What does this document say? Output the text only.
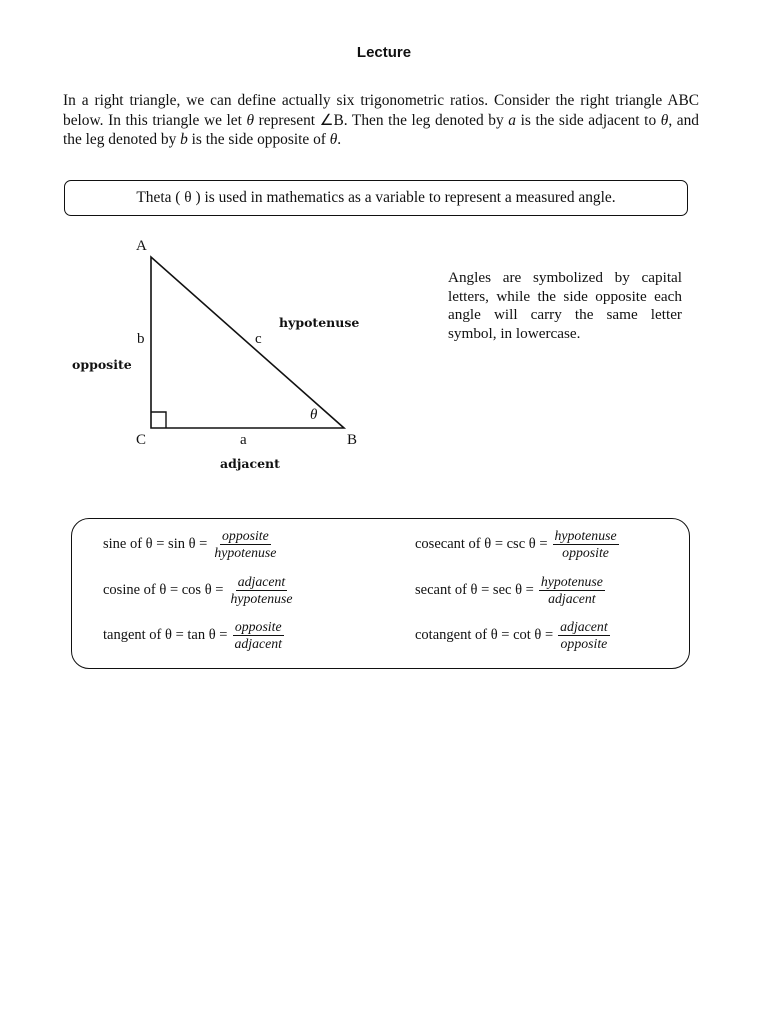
Lecture
In a right triangle, we can define actually six trigonometric ratios. Consider the right triangle ABC below. In this triangle we let θ represent ∠B. Then the leg denoted by a is the side adjacent to θ, and the leg denoted by b is the side opposite of θ.
Theta ( θ ) is used in mathematics as a variable to represent a measured angle.
A
C	B
b	c
a
θ
hypotenuse
opposite
adjacent
Angles are symbolized by capital letters, while the side opposite each angle will carry the same letter symbol, in lowercase.
sine of $\theta = \sin \theta = \frac{\text{opposite}}{\text{hypotenuse}}$
cosine of $\theta = \cos \theta = \frac{\text{adjacent}}{\text{hypotenuse}}$
tangent of $\theta = \tan \theta = \frac{\text{opposite}}{\text{adjacent}}$
cosecant of $\theta = \csc \theta = \frac{\text{hypotenuse}}{\text{opposite}}$
secant of $\theta = \sec \theta = \frac{\text{hypotenuse}}{\text{adjacent}}$
cotangent of $\theta = \cot \theta = \frac{\text{adjacent}}{\text{opposite}}$
